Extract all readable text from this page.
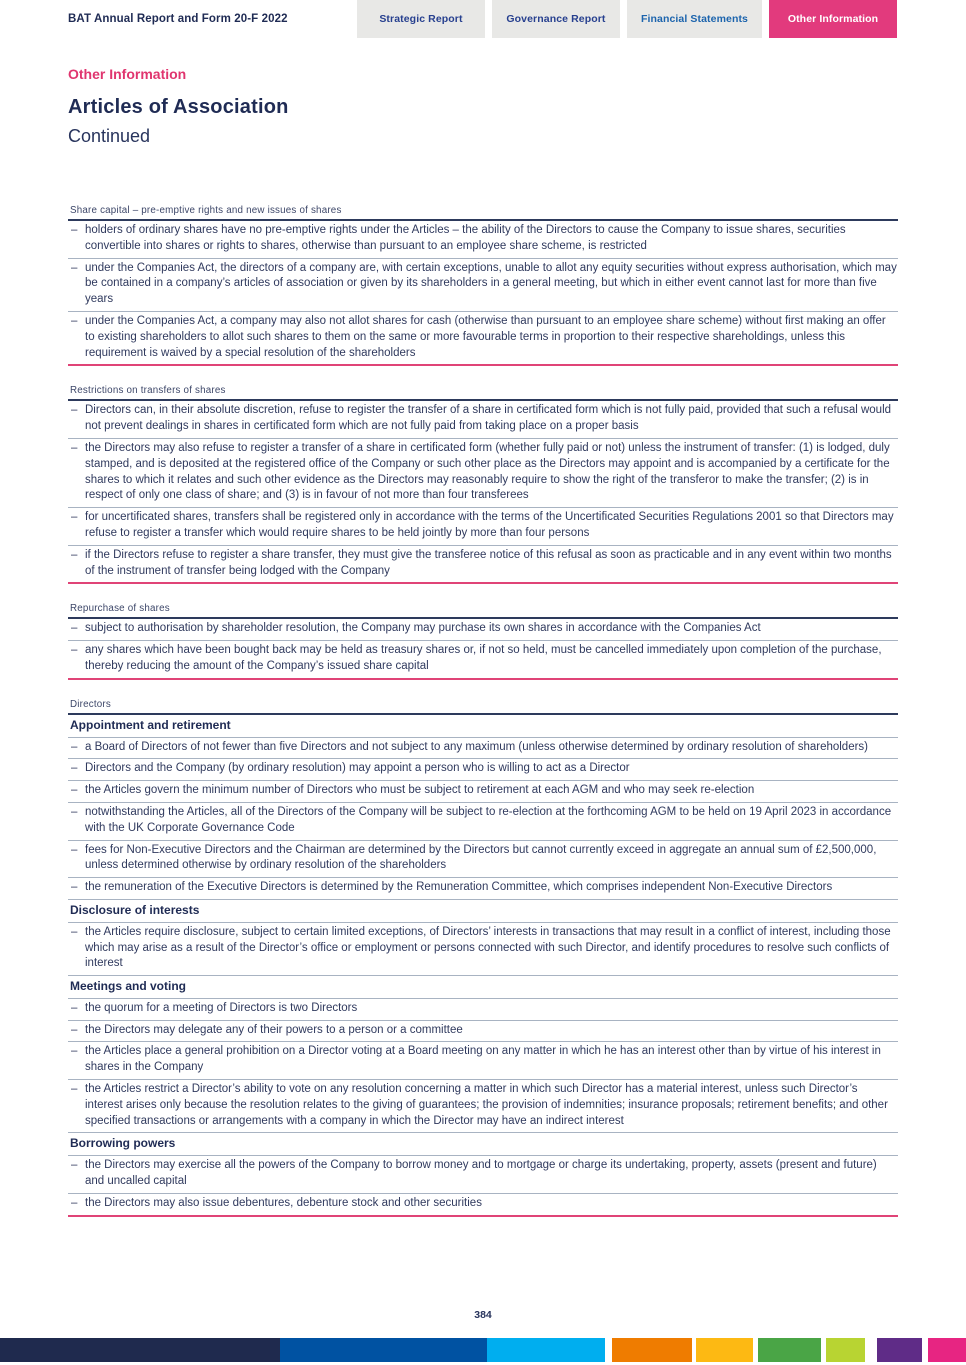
BAT Annual Report and Form 20-F 2022	Strategic Report	Governance Report	Financial Statements	Other Information
Other Information
Articles of Association
Continued
Share capital – pre-emptive rights and new issues of shares
– holders of ordinary shares have no pre-emptive rights under the Articles – the ability of the Directors to cause the Company to issue shares, securities convertible into shares or rights to shares, otherwise than pursuant to an employee share scheme, is restricted
– under the Companies Act, the directors of a company are, with certain exceptions, unable to allot any equity securities without express authorisation, which may be contained in a company’s articles of association or given by its shareholders in a general meeting, but which in either event cannot last for more than five years
– under the Companies Act, a company may also not allot shares for cash (otherwise than pursuant to an employee share scheme) without first making an offer to existing shareholders to allot such shares to them on the same or more favourable terms in proportion to their respective shareholdings, unless this requirement is waived by a special resolution of the shareholders
Restrictions on transfers of shares
– Directors can, in their absolute discretion, refuse to register the transfer of a share in certificated form which is not fully paid, provided that such a refusal would not prevent dealings in shares in certificated form which are not fully paid from taking place on a proper basis
– the Directors may also refuse to register a transfer of a share in certificated form (whether fully paid or not) unless the instrument of transfer: (1) is lodged, duly stamped, and is deposited at the registered office of the Company or such other place as the Directors may appoint and is accompanied by a certificate for the shares to which it relates and such other evidence as the Directors may reasonably require to show the right of the transferor to make the transfer; (2) is in respect of only one class of share; and (3) is in favour of not more than four transferees
– for uncertificated shares, transfers shall be registered only in accordance with the terms of the Uncertificated Securities Regulations 2001 so that Directors may refuse to register a transfer which would require shares to be held jointly by more than four persons
– if the Directors refuse to register a share transfer, they must give the transferee notice of this refusal as soon as practicable and in any event within two months of the instrument of transfer being lodged with the Company
Repurchase of shares
– subject to authorisation by shareholder resolution, the Company may purchase its own shares in accordance with the Companies Act
– any shares which have been bought back may be held as treasury shares or, if not so held, must be cancelled immediately upon completion of the purchase, thereby reducing the amount of the Company’s issued share capital
Directors
Appointment and retirement
– a Board of Directors of not fewer than five Directors and not subject to any maximum (unless otherwise determined by ordinary resolution of shareholders)
– Directors and the Company (by ordinary resolution) may appoint a person who is willing to act as a Director
– the Articles govern the minimum number of Directors who must be subject to retirement at each AGM and who may seek re-election
– notwithstanding the Articles, all of the Directors of the Company will be subject to re-election at the forthcoming AGM to be held on 19 April 2023 in accordance with the UK Corporate Governance Code
– fees for Non-Executive Directors and the Chairman are determined by the Directors but cannot currently exceed in aggregate an annual sum of £2,500,000, unless determined otherwise by ordinary resolution of the shareholders
– the remuneration of the Executive Directors is determined by the Remuneration Committee, which comprises independent Non-Executive Directors
Disclosure of interests
– the Articles require disclosure, subject to certain limited exceptions, of Directors’ interests in transactions that may result in a conflict of interest, including those which may arise as a result of the Director’s office or employment or persons connected with such Director, and identify procedures to resolve such conflicts of interest
Meetings and voting
– the quorum for a meeting of Directors is two Directors
– the Directors may delegate any of their powers to a person or a committee
– the Articles place a general prohibition on a Director voting at a Board meeting on any matter in which he has an interest other than by virtue of his interest in shares in the Company
– the Articles restrict a Director’s ability to vote on any resolution concerning a matter in which such Director has a material interest, unless such Director’s interest arises only because the resolution relates to the giving of guarantees; the provision of indemnities; insurance proposals; retirement benefits; and other specified transactions or arrangements with a company in which the Director may have an indirect interest
Borrowing powers
– the Directors may exercise all the powers of the Company to borrow money and to mortgage or charge its undertaking, property, assets (present and future) and uncalled capital
– the Directors may also issue debentures, debenture stock and other securities
384
